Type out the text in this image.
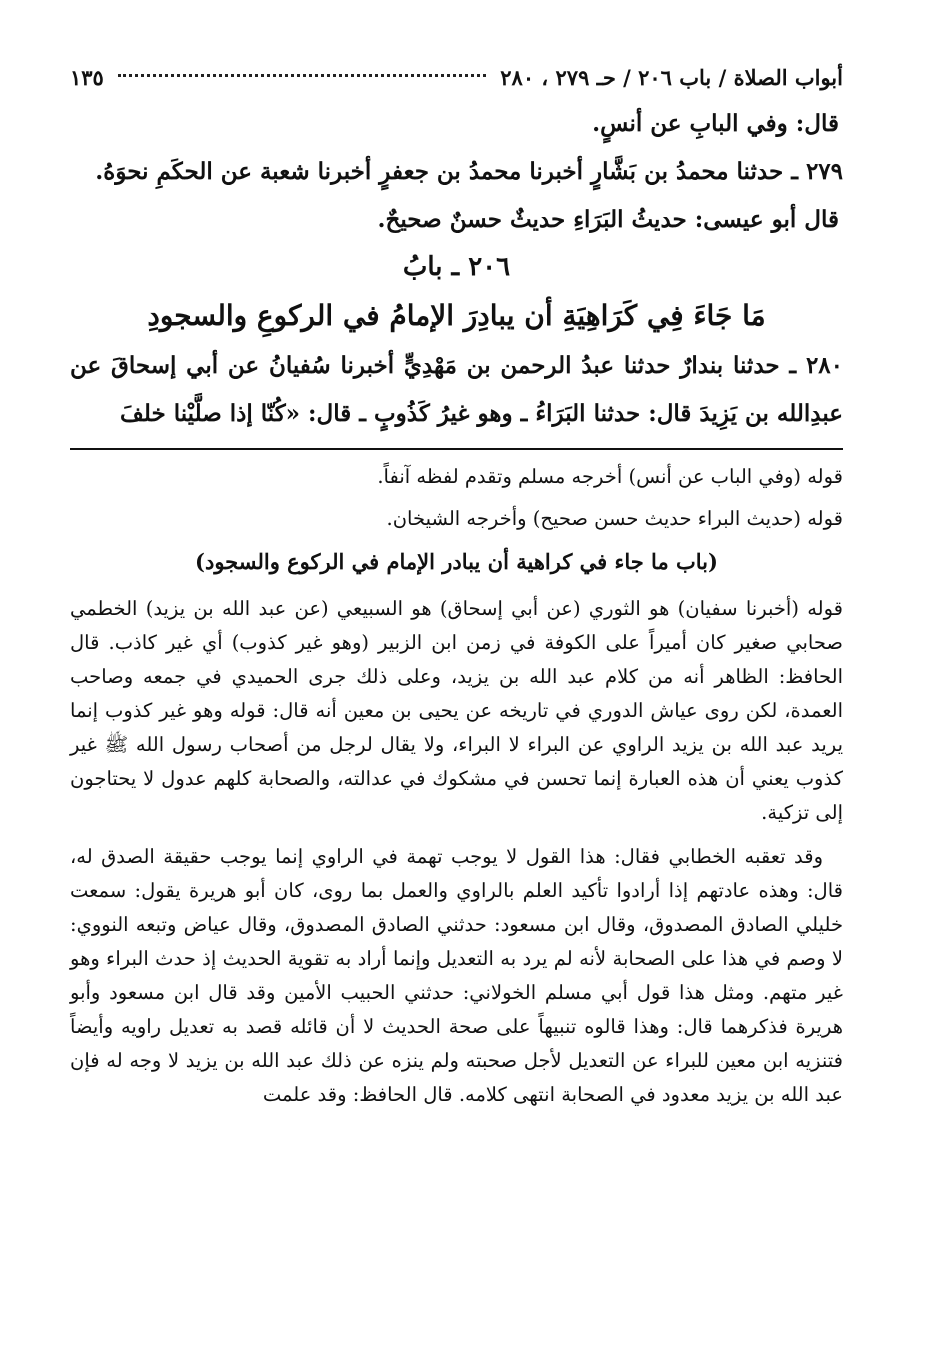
أبواب الصلاة / باب ٢٠٦ / حـ ٢٧٩ ، ٢٨٠
١٣٥

قال: وفي البابِ عن أنسٍ.

٢٧٩ ـ حدثنا محمدُ بن بَشَّارٍ أخبرنا محمدُ بن جعفرٍ أخبرنا شعبة عن الحكَمِ نحوَهُ.

قال أبو عيسى: حديثُ البَرَاءِ حديثٌ حسنٌ صحيحٌ.

٢٠٦ ـ بابُ
مَا جَاءَ فِي كَرَاهِيَةِ أن يبادِرَ الإمامُ في الركوعِ والسجودِ

٢٨٠ ـ حدثنا بندارٌ حدثنا عبدُ الرحمن بن مَهْدِيٍّ أخبرنا سُفيانُ عن أبي إسحاقَ عن عبدِالله بن يَزِيدَ قال: حدثنا البَرَاءُ ـ وهو غيرُ كَذُوبٍ ـ قال: «كُنّا إذا صلَّيْنا خلفَ

قوله (وفي الباب عن أنس) أخرجه مسلم وتقدم لفظه آنفاً.

قوله (حديث البراء حديث حسن صحيح) وأخرجه الشيخان.

(باب ما جاء في كراهية أن يبادر الإمام في الركوع والسجود)

قوله (أخبرنا سفيان) هو الثوري (عن أبي إسحاق) هو السبيعي (عن عبد الله بن يزيد) الخطمي صحابي صغير كان أميراً على الكوفة في زمن ابن الزبير (وهو غير كذوب) أي غير كاذب. قال الحافظ: الظاهر أنه من كلام عبد الله بن يزيد، وعلى ذلك جرى الحميدي في جمعه وصاحب العمدة، لكن روى عياش الدوري في تاريخه عن يحيى بن معين أنه قال: قوله وهو غير كذوب إنما يريد عبد الله بن يزيد الراوي عن البراء لا البراء، ولا يقال لرجل من أصحاب رسول الله ﷺ غير كذوب يعني أن هذه العبارة إنما تحسن في مشكوك في عدالته، والصحابة كلهم عدول لا يحتاجون إلى تزكية.

وقد تعقبه الخطابي فقال: هذا القول لا يوجب تهمة في الراوي إنما يوجب حقيقة الصدق له، قال: وهذه عادتهم إذا أرادوا تأكيد العلم بالراوي والعمل بما روى، كان أبو هريرة يقول: سمعت خليلي الصادق المصدوق، وقال ابن مسعود: حدثني الصادق المصدوق، وقال عياض وتبعه النووي: لا وصم في هذا على الصحابة لأنه لم يرد به التعديل وإنما أراد به تقوية الحديث إذ حدث البراء وهو غير متهم. ومثل هذا قول أبي مسلم الخولاني: حدثني الحبيب الأمين وقد قال ابن مسعود وأبو هريرة فذكرهما قال: وهذا قالوه تنبيهاً على صحة الحديث لا أن قائله قصد به تعديل راويه وأيضاً فتنزيه ابن معين للبراء عن التعديل لأجل صحبته ولم ينزه عن ذلك عبد الله بن يزيد لا وجه له فإن عبد الله بن يزيد معدود في الصحابة انتهى كلامه. قال الحافظ: وقد علمت
